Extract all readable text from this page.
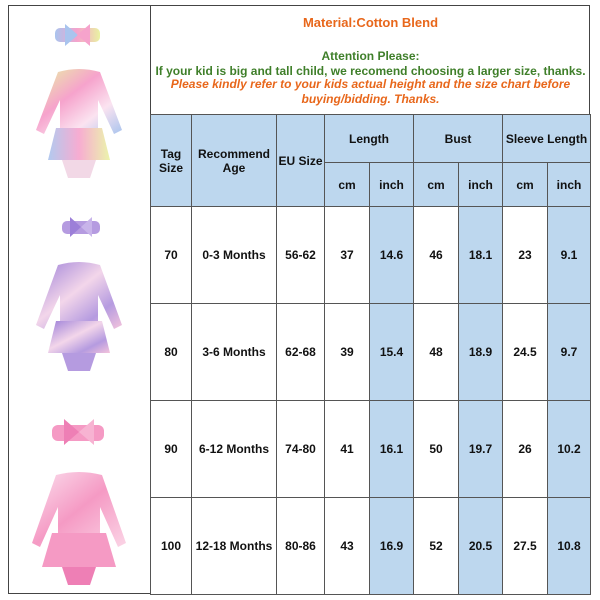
Material:Cotton Blend
Attention Please:
If your kid is big and tall child, we recomend choosing a larger size, thanks.
Please kindly refer to your kids actual height and the size chart before
buying/bidding. Thanks.
Tag Size	Recommend Age	EU Size	Length		Bust		Sleeve Length	
			cm	inch	cm	inch	cm	inch
70	0-3 Months	56-62	37	14.6	46	18.1	23	9.1
80	3-6 Months	62-68	39	15.4	48	18.9	24.5	9.7
90	6-12 Months	74-80	41	16.1	50	19.7	26	10.2
100	12-18 Months	80-86	43	16.9	52	20.5	27.5	10.8
